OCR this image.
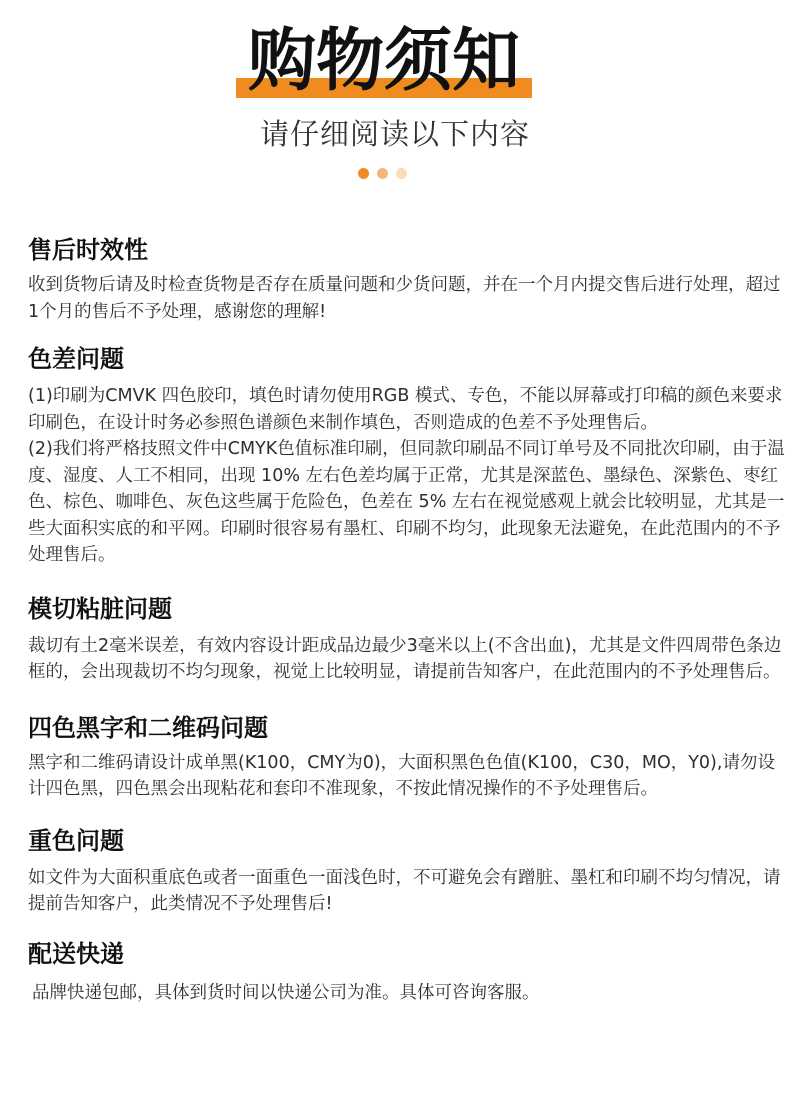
购物须知
请仔细阅读以下内容
售后时效性

收到货物后请及时检查货物是否存在质量问题和少货问题，并在一个月内提交售后进行处理，超过1个月的售后不予处理，感谢您的理解!

色差问题

(1)印刷为CMVK 四色胶印，填色时请勿使用RGB 模式、专色，不能以屏幕或打印稿的颜色来要求印刷色，在设计时务必参照色谱颜色来制作填色，否则造成的色差不予处理售后。

(2)我们将严格技照文件中CMYK色值标准印刷，但同款印刷品不同订单号及不同批次印刷，由于温度、湿度、人工不相同，出现 10% 左右色差均属于正常，尤其是深蓝色、墨绿色、深紫色、枣红色、棕色、咖啡色、灰色这些属于危险色，色差在 5% 左右在视觉感观上就会比较明显，尤其是一些大面积实底的和平网。印刷时很容易有墨杠、印刷不均匀，此现象无法避免，在此范围内的不予处理售后。

模切粘脏问题

裁切有土2毫米误差，有效内容设计距成品边最少3毫米以上(不含出血)，尤其是文件四周带色条边框的，会出现裁切不均匀现象，视觉上比较明显，请提前告知客户，在此范围内的不予处理售后。

四色黑字和二维码问题

黑字和二维码请设计成单黑(K100，CMY为0)，大面积黑色色值(K100，C30，MO，Y0),请勿设计四色黑，四色黑会出现粘花和套印不准现象，不按此情况操作的不予处理售后。

重色问题

如文件为大面积重底色或者一面重色一面浅色时，不可避免会有蹭脏、墨杠和印刷不均匀情况，请提前告知客户，此类情况不予处理售后!

配送快递

品牌快递包邮，具体到货时间以快递公司为准。具体可咨询客服。
